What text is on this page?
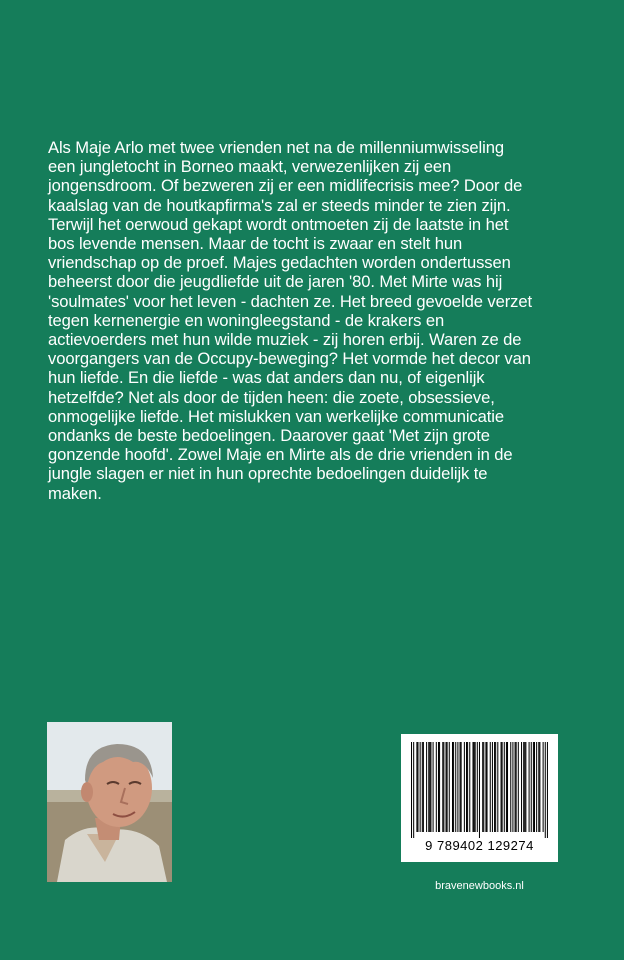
Als Maje Arlo met twee vrienden net na de millenniumwisseling
een jungletocht in Borneo maakt, verwezenlijken zij een
jongensdroom. Of bezweren zij er een midlifecrisis mee? Door de
kaalslag van de houtkapfirma's zal er steeds minder te zien zijn.
Terwijl het oerwoud gekapt wordt ontmoeten zij de laatste in het
bos levende mensen. Maar de tocht is zwaar en stelt hun
vriendschap op de proef. Majes gedachten worden ondertussen
beheerst door die jeugdliefde uit de jaren '80. Met Mirte was hij
'soulmates' voor het leven - dachten ze. Het breed gevoelde verzet
tegen kernenergie en woningleegstand - de krakers en
actievoerders met hun wilde muziek - zij horen erbij. Waren ze de
voorgangers van de Occupy-beweging? Het vormde het decor van
hun liefde. En die liefde - was dat anders dan nu, of eigenlijk
hetzelfde? Net als door de tijden heen: die zoete, obsessieve,
onmogelijke liefde. Het mislukken van werkelijke communicatie
ondanks de beste bedoelingen. Daarover gaat 'Met zijn grote
gonzende hoofd'. Zowel Maje en Mirte als de drie vrienden in de
jungle slagen er niet in hun oprechte bedoelingen duidelijk te
maken.

9 789402 129274
bravenewbooks.nl
